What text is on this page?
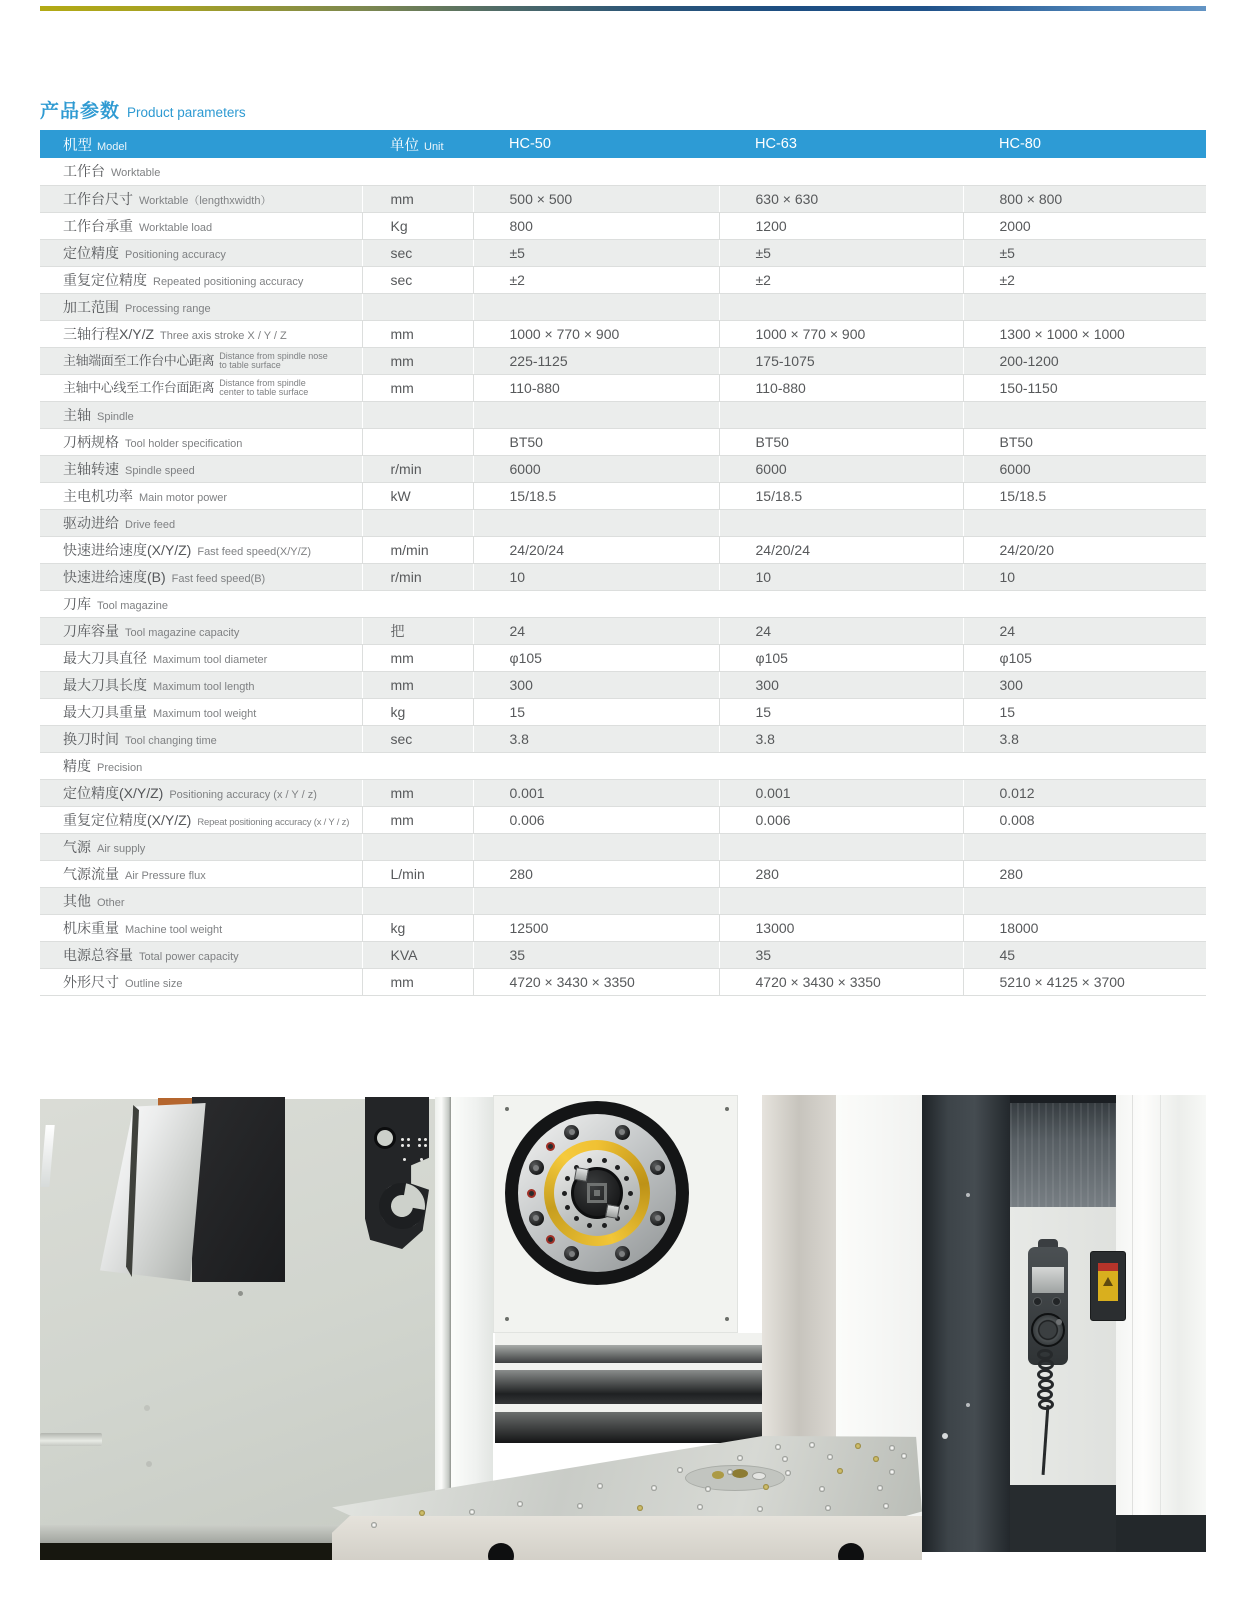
产品参数 Product parameters
机型 Model	单位 Unit	HC-50	HC-63	HC-80
工作台 Worktable				
工作台尺寸 Worktable（lengthxwidth）	mm	500 × 500	630 × 630	800 × 800
工作台承重 Worktable load	Kg	800	1200	2000
定位精度 Positioning accuracy	sec	±5	±5	±5
重复定位精度 Repeated positioning accuracy	sec	±2	±2	±2
加工范围 Processing range				
三轴行程X/Y/Z Three axis stroke X / Y / Z	mm	1000 × 770 × 900	1000 × 770 × 900	1300 × 1000 × 1000
主轴端面至工作台中心距离 Distance from spindle nose to table surface	mm	225-1125	175-1075	200-1200
主轴中心线至工作台面距离 Distance from spindle center to table surface	mm	110-880	110-880	150-1150
主轴 Spindle				
刀柄规格 Tool holder specification		BT50	BT50	BT50
主轴转速 Spindle speed	r/min	6000	6000	6000
主电机功率 Main motor power	kW	15/18.5	15/18.5	15/18.5
驱动进给 Drive feed				
快速进给速度(X/Y/Z) Fast feed speed(X/Y/Z)	m/min	24/20/24	24/20/24	24/20/20
快速进给速度(B) Fast feed speed(B)	r/min	10	10	10
刀库 Tool magazine				
刀库容量 Tool magazine capacity	把	24	24	24
最大刀具直径 Maximum tool diameter	mm	φ105	φ105	φ105
最大刀具长度 Maximum tool length	mm	300	300	300
最大刀具重量 Maximum tool weight	kg	15	15	15
换刀时间 Tool changing time	sec	3.8	3.8	3.8
精度 Precision				
定位精度(X/Y/Z) Positioning accuracy (x / Y / z)	mm	0.001	0.001	0.012
重复定位精度(X/Y/Z) Repeat positioning accuracy (x / Y / z)	mm	0.006	0.006	0.008
气源 Air supply				
气源流量 Air Pressure flux	L/min	280	280	280
其他 Other				
机床重量 Machine tool weight	kg	12500	13000	18000
电源总容量 Total power capacity	KVA	35	35	45
外形尺寸 Outline size	mm	4720 × 3430 × 3350	4720 × 3430 × 3350	5210 × 4125 × 3700
